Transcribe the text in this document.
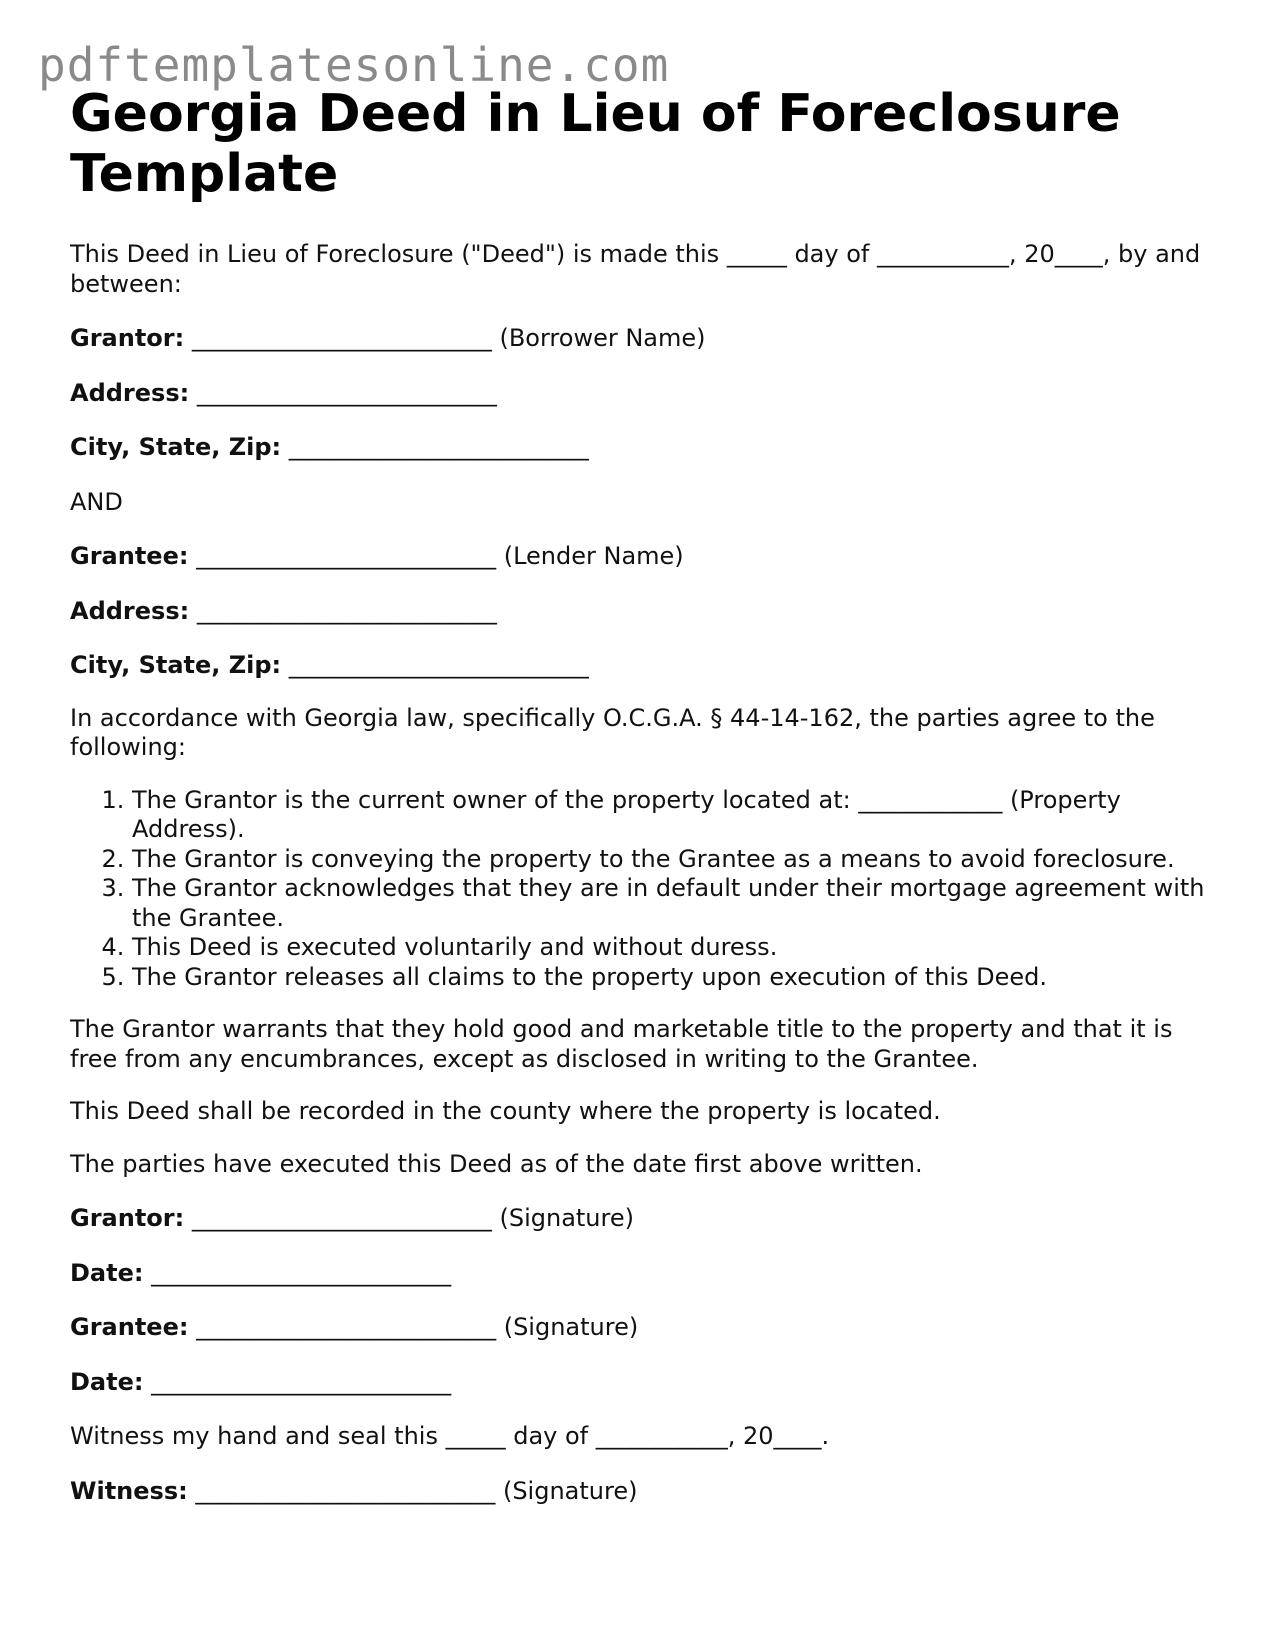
pdftemplatesonline.com
Georgia Deed in Lieu of Foreclosure Template

This Deed in Lieu of Foreclosure ("Deed") is made this _____ day of ___________, 20____, by and between:

Grantor: _________________________ (Borrower Name)

Address: _________________________

City, State, Zip: _________________________

AND

Grantee: _________________________ (Lender Name)

Address: _________________________

City, State, Zip: _________________________

In accordance with Georgia law, specifically O.C.G.A. § 44-14-162, the parties agree to the following:

1. The Grantor is the current owner of the property located at: ____________ (Property Address).
2. The Grantor is conveying the property to the Grantee as a means to avoid foreclosure.
3. The Grantor acknowledges that they are in default under their mortgage agreement with the Grantee.
4. This Deed is executed voluntarily and without duress.
5. The Grantor releases all claims to the property upon execution of this Deed.

The Grantor warrants that they hold good and marketable title to the property and that it is free from any encumbrances, except as disclosed in writing to the Grantee.

This Deed shall be recorded in the county where the property is located.

The parties have executed this Deed as of the date first above written.

Grantor: _________________________ (Signature)

Date: _________________________

Grantee: _________________________ (Signature)

Date: _________________________

Witness my hand and seal this _____ day of ___________, 20____.

Witness: _________________________ (Signature)
